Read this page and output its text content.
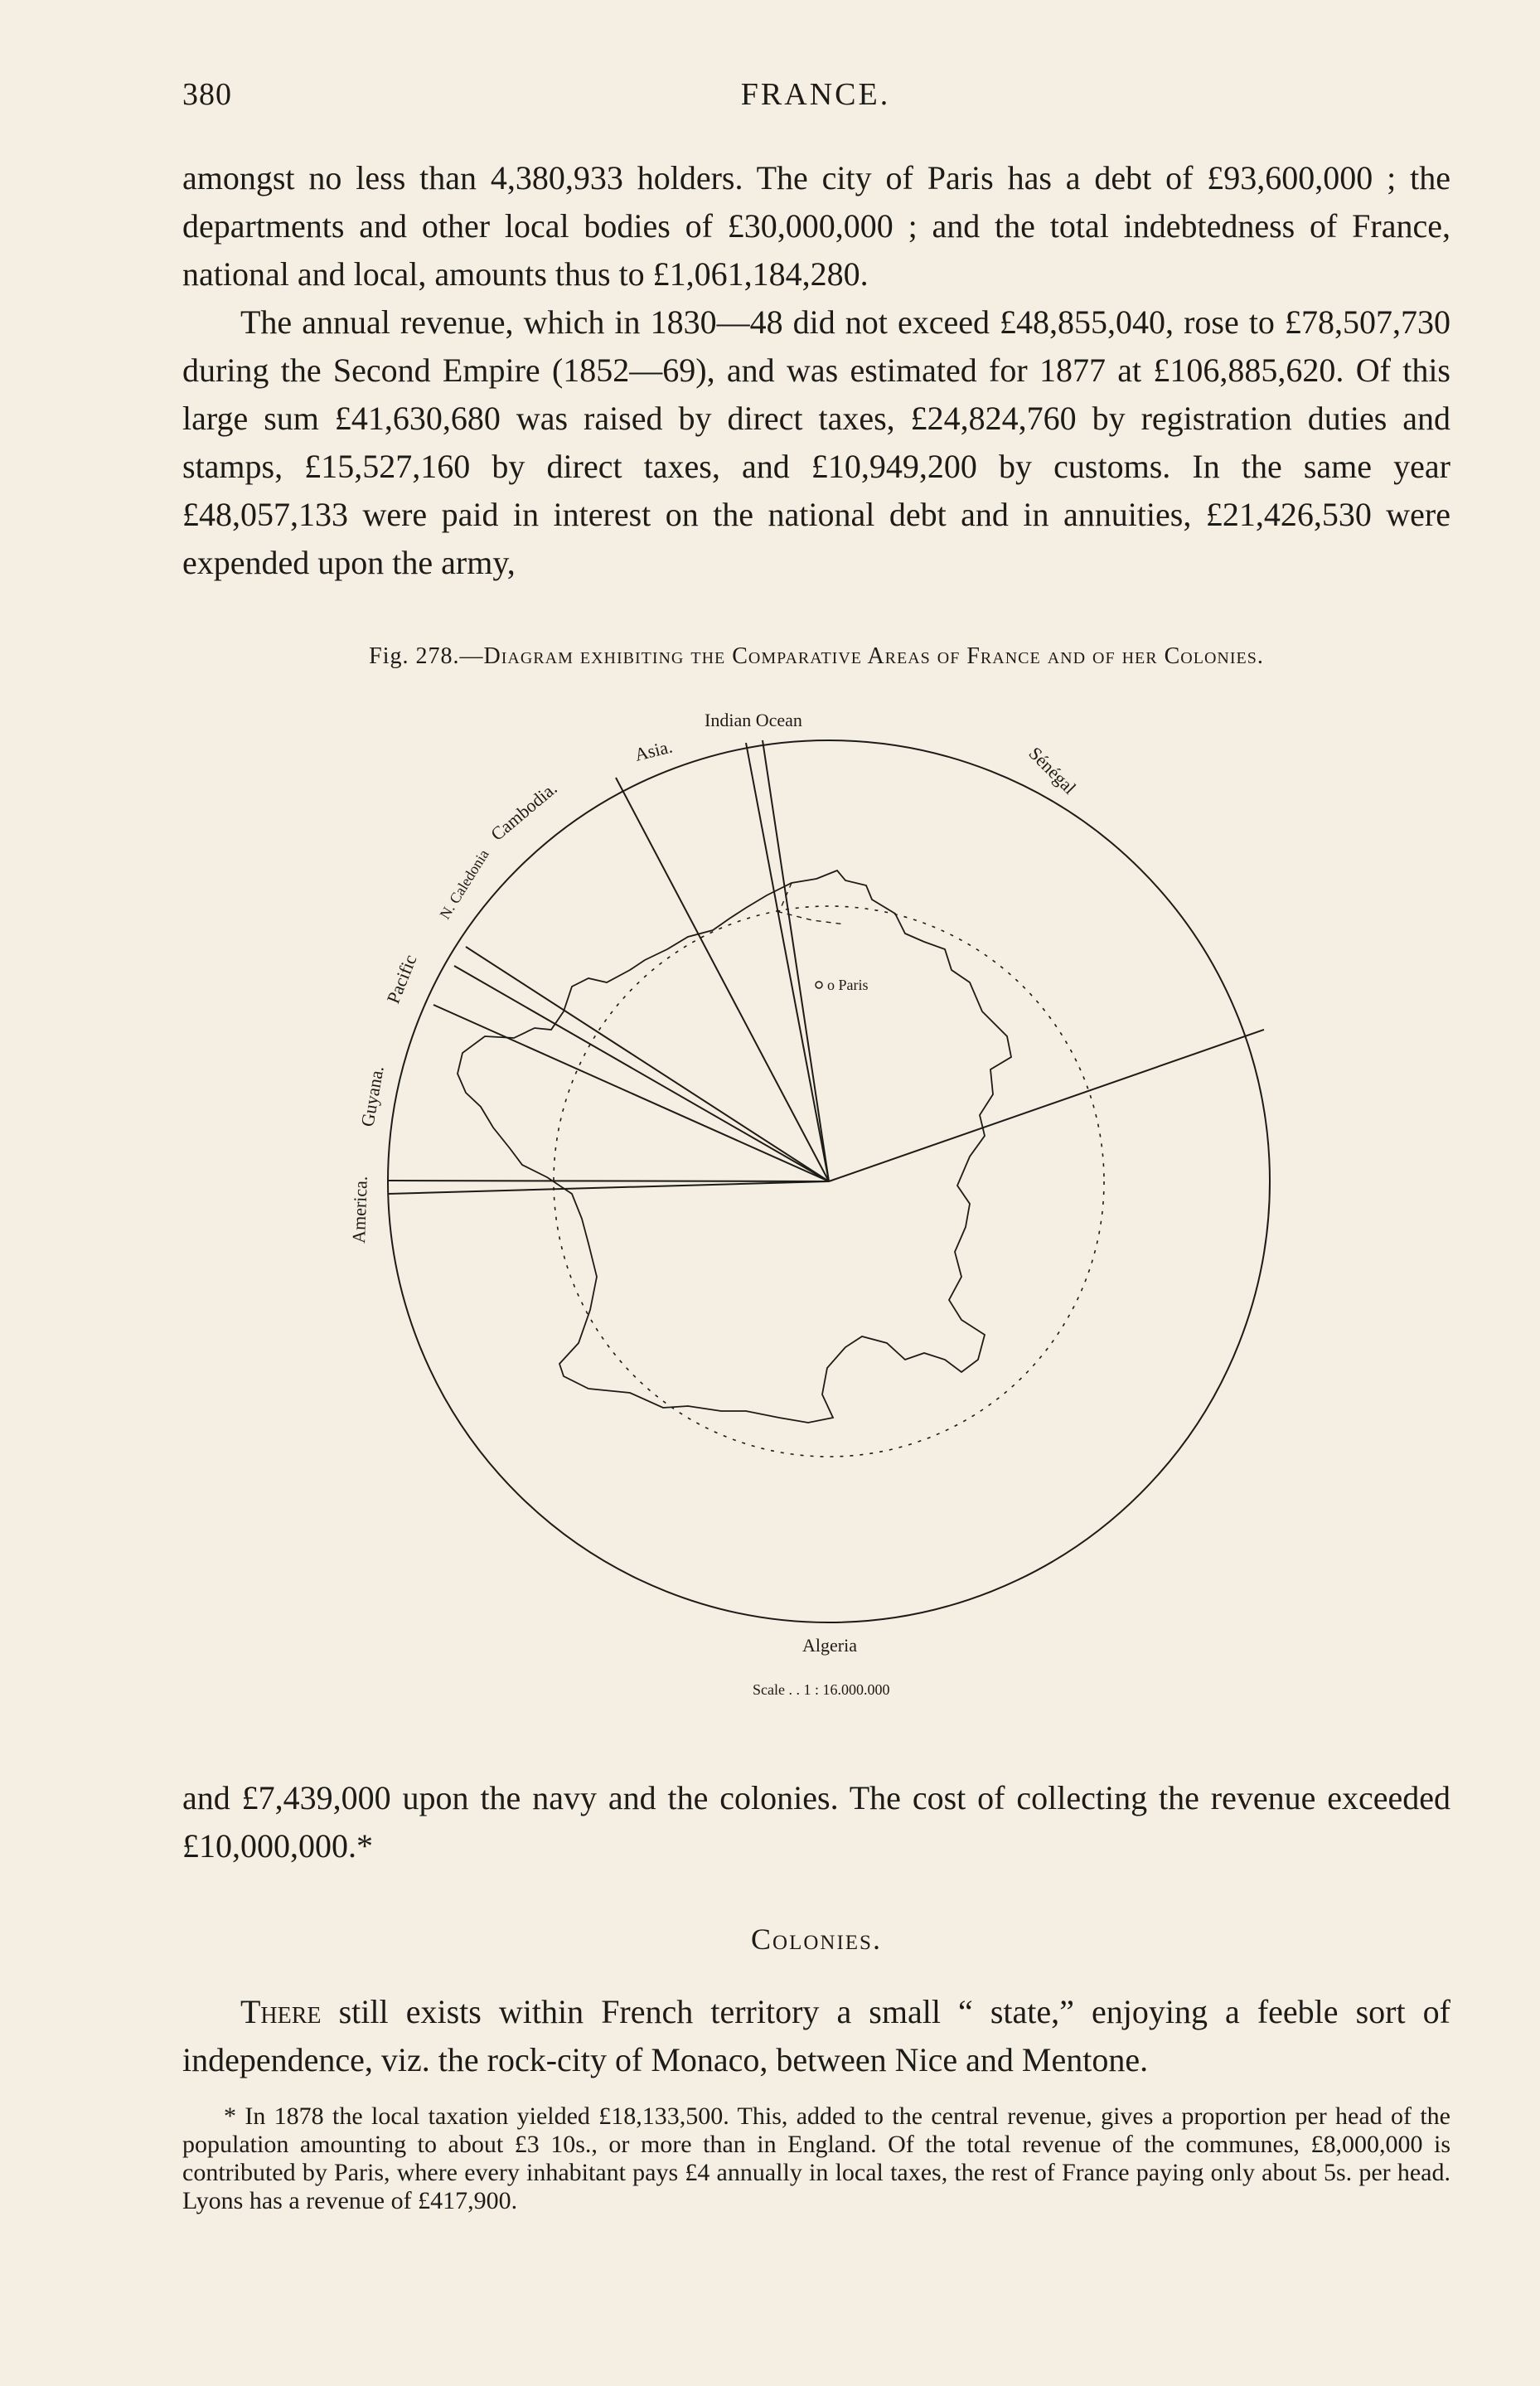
380	FRANCE.

amongst no less than 4,380,933 holders. The city of Paris has a debt of £93,600,000 ; the departments and other local bodies of £30,000,000 ; and the total indebtedness of France, national and local, amounts thus to £1,061,184,280.

The annual revenue, which in 1830—48 did not exceed £48,855,040, rose to £78,507,730 during the Second Empire (1852—69), and was estimated for 1877 at £106,885,620. Of this large sum £41,630,680 was raised by direct taxes, £24,824,760 by registration duties and stamps, £15,527,160 by direct taxes, and £10,949,200 by customs. In the same year £48,057,133 were paid in interest on the national debt and in annuities, £21,426,530 were expended upon the army,

Fig. 278.—Diagram exhibiting the Comparative Areas of France and of her Colonies.
o Paris
Indian Ocean
Asia.	Sénégal
Cambodia.
N. Caledonia
Pacific
Guyana.
America.
Algeria
Scale . . 1 : 16.000.000

and £7,439,000 upon the navy and the colonies. The cost of collecting the revenue exceeded £10,000,000.*

Colonies.

There still exists within French territory a small “ state,” enjoying a feeble sort of independence, viz. the rock-city of Monaco, between Nice and Mentone.

* In 1878 the local taxation yielded £18,133,500. This, added to the central revenue, gives a proportion per head of the population amounting to about £3 10s., or more than in England. Of the total revenue of the communes, £8,000,000 is contributed by Paris, where every inhabitant pays £4 annually in local taxes, the rest of France paying only about 5s. per head. Lyons has a revenue of £417,900.
